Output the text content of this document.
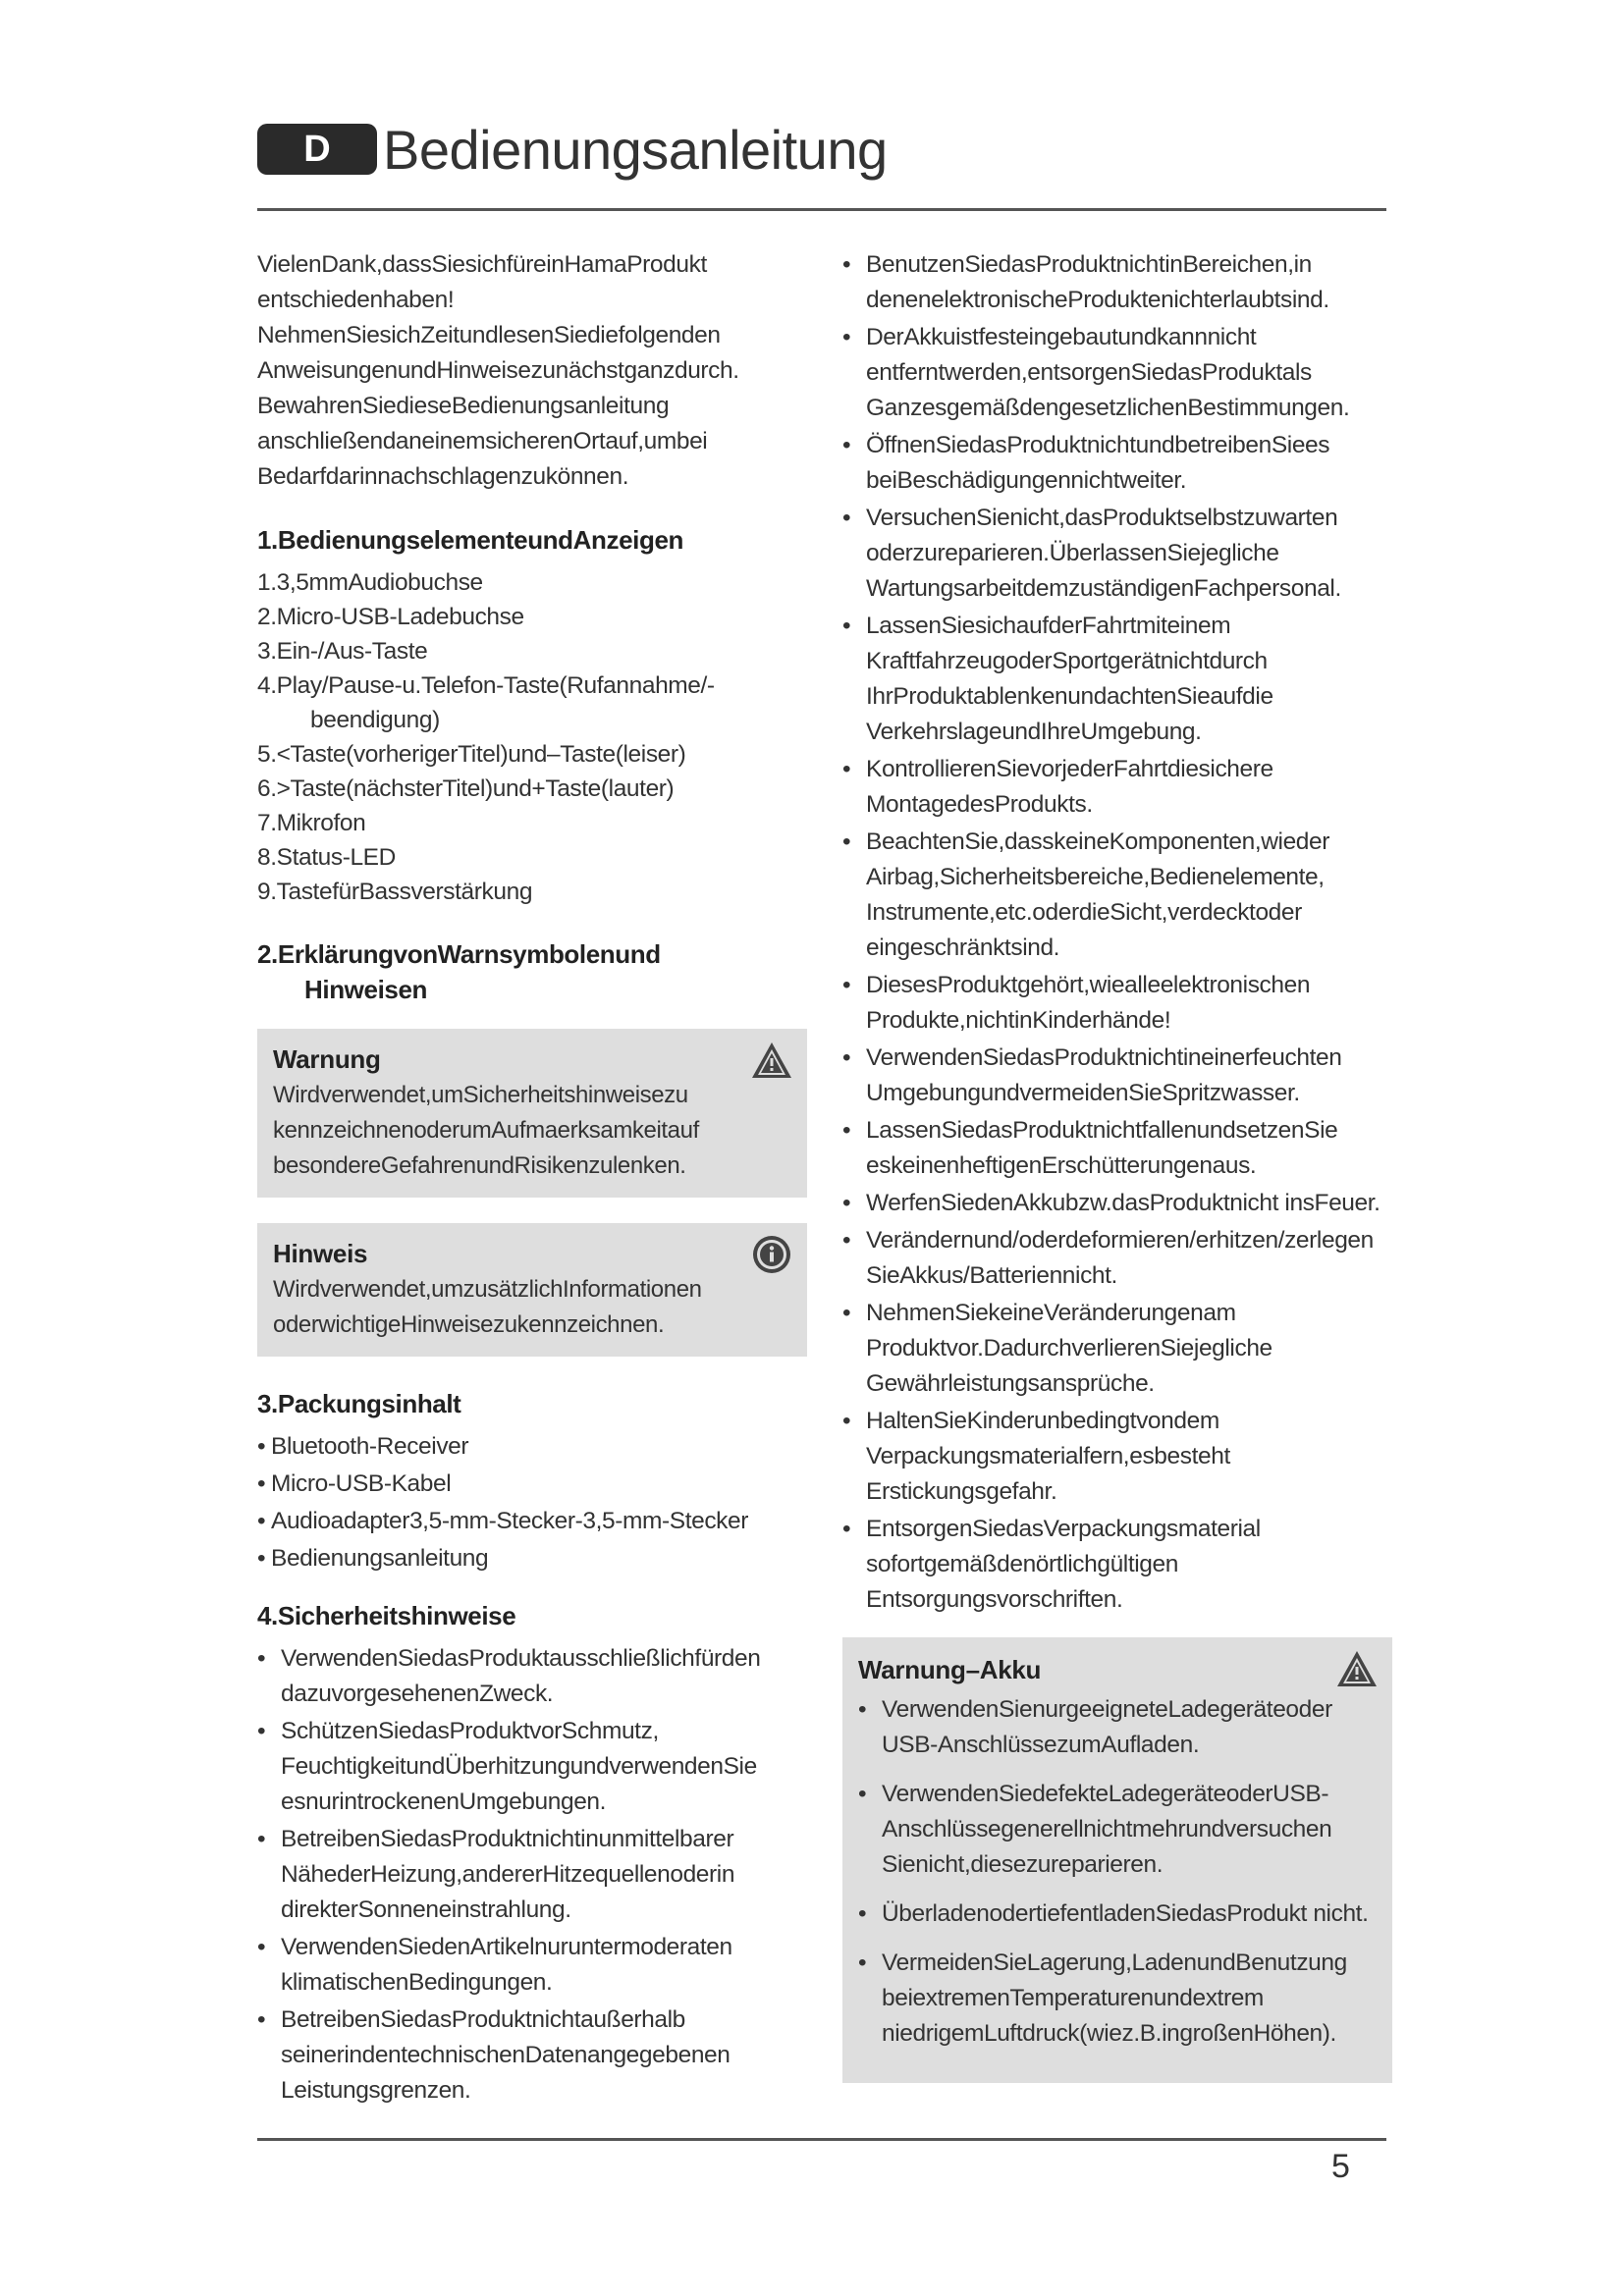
D Bedienungsanleitung

VielenDank,dassSiesichfüreinHamaProdukt entschiedenhaben! NehmenSiesichZeitundlesenSiediefolgenden AnweisungenundHinweisezunächstganzdurch. BewahrenSiedieseBedienungsanleitung anschließendaneinemsicherenOrtauf,umbei Bedarfdarinnachschlagenzukönnen.

1.BedienungselementeundAnzeigen

1.3,5mmAudiobuchse

2.Micro-USB-Ladebuchse

3.Ein-/Aus-Taste

4.Play/Pause-u.Telefon-Taste(Rufannahme/-
beendigung)

5.<Taste(vorherigerTitel)und–Taste(leiser)

6.>Taste(nächsterTitel)und+Taste(lauter)

7.Mikrofon

8.Status-LED

9.TastefürBassverstärkung

2.ErklärungvonWarnsymbolenund
Hinweisen
Warnung
Wirdverwendet,umSicherheitshinweisezu kennzeichnenoderumAufmaerksamkeitauf besondereGefahrenundRisikenzulenken.
Hinweis
Wirdverwendet,umzusätzlichInformationen oderwichtigeHinweisezukennzeichnen.
3.Packungsinhalt
• Bluetooth-Receiver
• Micro-USB-Kabel
• Audioadapter3,5-mm-Stecker-3,5-mm-Stecker
• Bedienungsanleitung
4.Sicherheitshinweise
• VerwendenSiedasProduktausschließlichfürden dazuvorgesehenenZweck.
• SchützenSiedasProduktvorSchmutz, FeuchtigkeitundÜberhitzungundverwendenSie esnurintrockenenUmgebungen.
• BetreibenSiedasProduktnichtinunmittelbarer NähederHeizung,andererHitzequellenoderin direkterSonneneinstrahlung.
• VerwendenSiedenArtikelnuruntermoderaten klimatischenBedingungen.
• BetreibenSiedasProduktnichtaußerhalb seinerindentechnischenDatenangegebenen Leistungsgrenzen.
• BenutzenSiedasProduktnichtinBereichen,in denenelektronischeProduktenichterlaubtsind.
• DerAkkuistfesteingebautundkannnicht entferntwerden,entsorgenSiedasProduktals GanzesgemäßdengesetzlichenBestimmungen.
• ÖffnenSiedasProduktnichtundbetreibenSiees beiBeschädigungennichtweiter.
• VersuchenSienicht,dasProduktselbstzuwarten oderzureparieren.ÜberlassenSiejegliche WartungsarbeitdemzuständigenFachpersonal.
• LassenSiesichaufderFahrtmiteinem KraftfahrzeugoderSportgerätnichtdurch IhrProduktablenkenundachtenSieaufdie VerkehrslageundIhreUmgebung.
• KontrollierenSievorjederFahrtdiesichere MontagedesProdukts.
• BeachtenSie,dasskeineKomponenten,wieder Airbag,Sicherheitsbereiche,Bedienelemente, Instrumente,etc.oderdieSicht,verdecktoder eingeschränktsind.
• DiesesProduktgehört,wiealleelektronischen Produkte,nichtinKinderhände!
• VerwendenSiedasProduktnichtineinerfeuchten UmgebungundvermeidenSieSpritzwasser.
• LassenSiedasProduktnichtfallenundsetzenSie eskeinenheftigenErschütterungenaus.
• WerfenSiedenAkkubzw.dasProduktnicht insFeuer.
• Verändernund/oderdeformieren/erhitzen/zerlegen SieAkkus/Batteriennicht.
• NehmenSiekeineVeränderungenam Produktvor.DadurchverlierenSiejegliche Gewährleistungsansprüche.
• HaltenSieKinderunbedingtvondem Verpackungsmaterialfern,esbesteht Erstickungsgefahr.
• EntsorgenSiedasVerpackungsmaterial sofortgemäßdenörtlichgültigen Entsorgungsvorschriften.
Warnung–Akku
• VerwendenSienurgeeigneteLadegeräteoder USB-AnschlüssezumAufladen.
• VerwendenSiedefekteLadegeräteoderUSB- Anschlüssegenerellnichtmehrundversuchen Sienicht,diesezureparieren.
• ÜberladenodertiefentladenSiedasProdukt nicht.
• VermeidenSieLagerung,LadenundBenutzung beiextremenTemperaturenundextrem niedrigemLuftdruck(wiez.B.ingroßenHöhen).
5
